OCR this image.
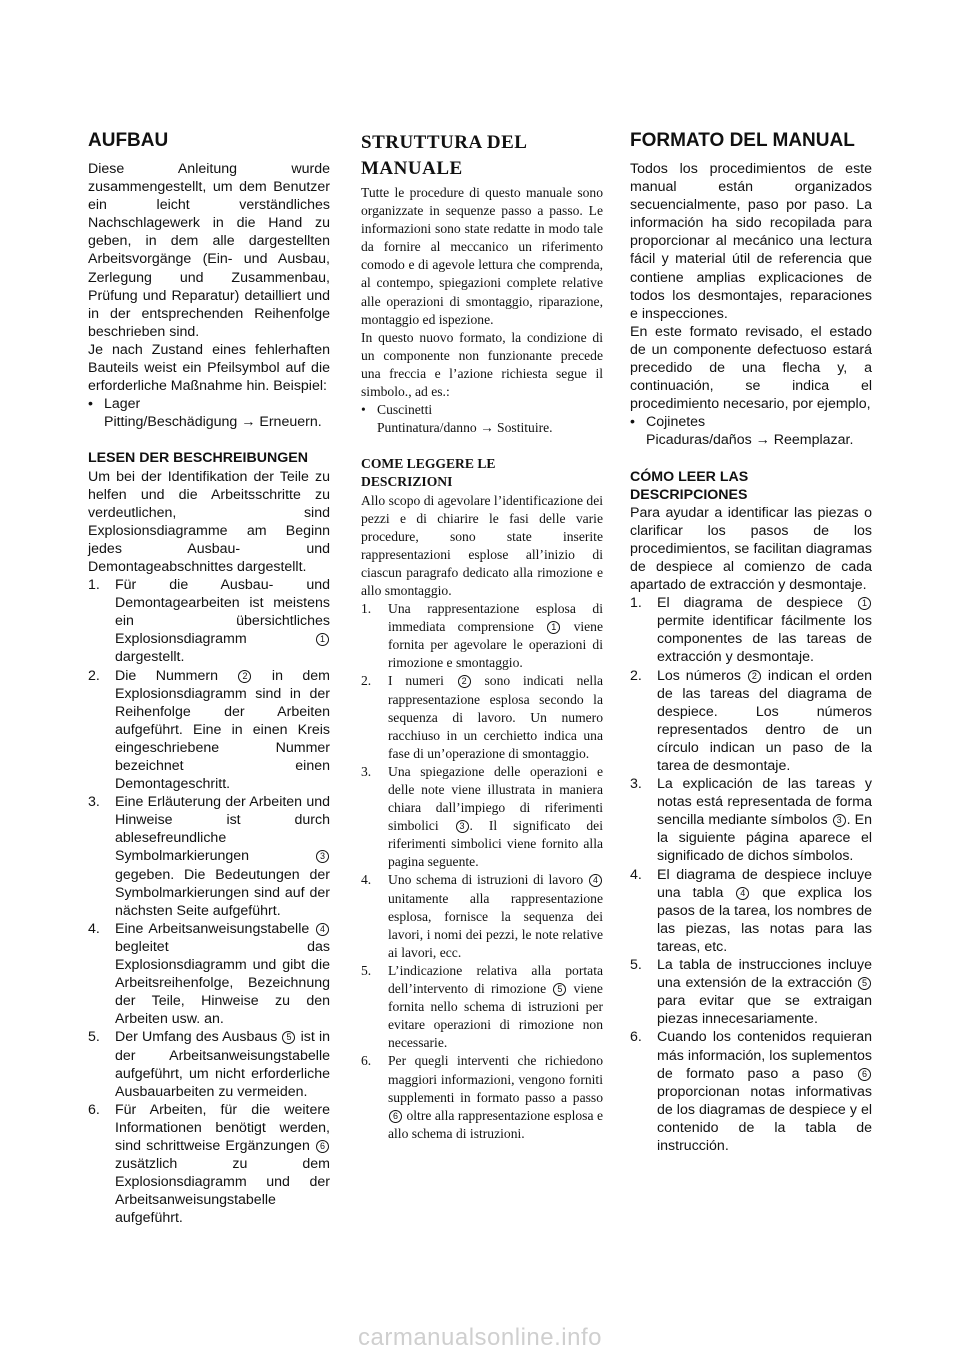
AUFBAU

Diese Anleitung wurde zusammengestellt, um dem Benutzer ein leicht verständliches Nachschlagewerk in die Hand zu geben, in dem alle dargestellten Arbeitsvorgänge (Ein- und Ausbau, Zerlegung und Zusammenbau, Prüfung und Reparatur) detailliert und in der entsprechenden Reihenfolge beschrieben sind.

Je nach Zustand eines fehlerhaften Bauteils weist ein Pfeilsymbol auf die erforderliche Maßnahme hin. Beispiel:

• Lager

Pitting/Beschädigung → Erneuern.

LESEN DER BESCHREIBUNGEN

Um bei der Identifikation der Teile zu helfen und die Arbeitsschritte zu verdeutlichen, sind Explosionsdiagramme am Beginn jedes Ausbau- und Demontageabschnittes dargestellt.

1.	Für die Ausbau- und Demontagearbeiten ist meistens ein übersichtliches Explosionsdiagramm	1 dargestellt.
2.	Die Nummern	2 in dem Explosionsdiagramm sind in der Reihenfolge der Arbeiten aufgeführt. Eine in einen Kreis eingeschriebene Nummer bezeichnet einen Demontageschritt.
3.	Eine Erläuterung der Arbeiten und Hinweise ist durch ablesefreundliche Symbolmarkierungen	3 gegeben. Die Bedeutungen der Symbolmarkierungen sind auf der nächsten Seite aufgeführt.
4.	Eine Arbeitsanweisungstabelle 4 begleitet das Explosionsdiagramm und gibt die Arbeitsreihenfolge, Bezeichnung der Teile, Hinweise zu den Arbeiten usw. an.
5.	Der Umfang des Ausbaus 5 ist in der Arbeitsanweisungstabelle aufgeführt, um nicht erforderliche Ausbauarbeiten zu vermeiden.
6.	Für Arbeiten, für die weitere Informationen benötigt werden, sind schrittweise Ergänzungen 6 zusätzlich zu dem Explosionsdiagramm und der Arbeitsanweisungstabelle aufgeführt.
STRUTTURA DEL
MANUALE

Tutte le procedure di questo manuale sono organizzate in sequenze passo a passo. Le informazioni sono state redatte in modo tale da fornire al meccanico un riferimento comodo e di agevole lettura che comprenda, al contempo, spiegazioni complete relative alle operazioni di smontaggio, riparazione, montaggio ed ispezione.

In questo nuovo formato, la condizione di un componente non funzionante precede una freccia e l’azione richiesta segue il simbolo., ad es.:

• Cuscinetti

Puntinatura/danno → Sostituire.

COME LEGGERE LE

DESCRIZIONI

Allo scopo di agevolare l’identificazione dei pezzi e di chiarire le fasi delle varie procedure, sono state inserite rappresentazioni esplose all’inizio di ciascun paragrafo dedicato alla rimozione e allo smontaggio.

1.	Una rappresentazione esplosa di immediata comprensione 1 viene fornita per agevolare le operazioni di rimozione e smontaggio.
2.	I numeri 2 sono indicati nella rappresentazione esplosa secondo la sequenza di lavoro. Un numero racchiuso in un cerchietto indica una fase di un’operazione di smontaggio.
3.	Una spiegazione delle operazioni e delle note viene illustrata in maniera chiara dall’impiego di riferimenti simbolici 3 . Il significato dei riferimenti simbolici viene fornito alla pagina seguente.
4.	Uno schema di istruzioni di lavoro 4 unitamente alla rappresentazione esplosa, fornisce la sequenza dei lavori, i nomi dei pezzi, le note relative ai lavori, ecc.
5.	L’indicazione relativa alla portata dell’intervento di rimozione 5 viene fornita nello schema di istruzioni per evitare operazioni di rimozione non necessarie.
6.	Per quegli interventi che richiedono maggiori informazioni, vengono forniti supplementi in formato passo a passo 6 oltre alla rappresentazione esplosa e allo schema di istruzioni.
FORMATO DEL MANUAL

Todos los procedimientos de este manual están organizados secuencialmente, paso por paso. La información ha sido recopilada para proporcionar al mecánico una lectura fácil y material útil de referencia que contiene amplias explicaciones de todos los desmontajes, reparaciones e inspecciones.

En este formato revisado, el estado de un componente defectuoso estará precedido de una flecha y, a continuación, se indica el procedimiento necesario, por ejemplo,

• Cojinetes

Picaduras/daños → Reemplazar.

CÓMO LEER LAS

DESCRIPCIONES

Para ayudar a identificar las piezas o clarificar los pasos de los procedimientos, se facilitan diagramas de despiece al comienzo de cada apartado de extracción y desmontaje.

1.	El diagrama de despiece 1 permite identificar fácilmente los componentes de las tareas de extracción y desmontaje.
2.	Los números 2 indican el orden de las tareas del diagrama de despiece. Los números representados dentro de un círculo indican un paso de la tarea de desmontaje.
3.	La explicación de las tareas y notas está representada de forma sencilla mediante símbolos 3 . En la siguiente página aparece el significado de dichos símbolos.
4.	El diagrama de despiece incluye una tabla 4 que explica los pasos de la tarea, los nombres de las piezas, las notas para las tareas, etc.
5.	La tabla de instrucciones incluye una extensión de la extracción 5 para evitar que se extraigan piezas innecesariamente.
6.	Cuando los contenidos requieran más información, los suplementos de formato paso a paso 6 proporcionan notas informativas de los diagramas de despiece y el contenido de la tabla de instrucción.
carmanualsonline.info
